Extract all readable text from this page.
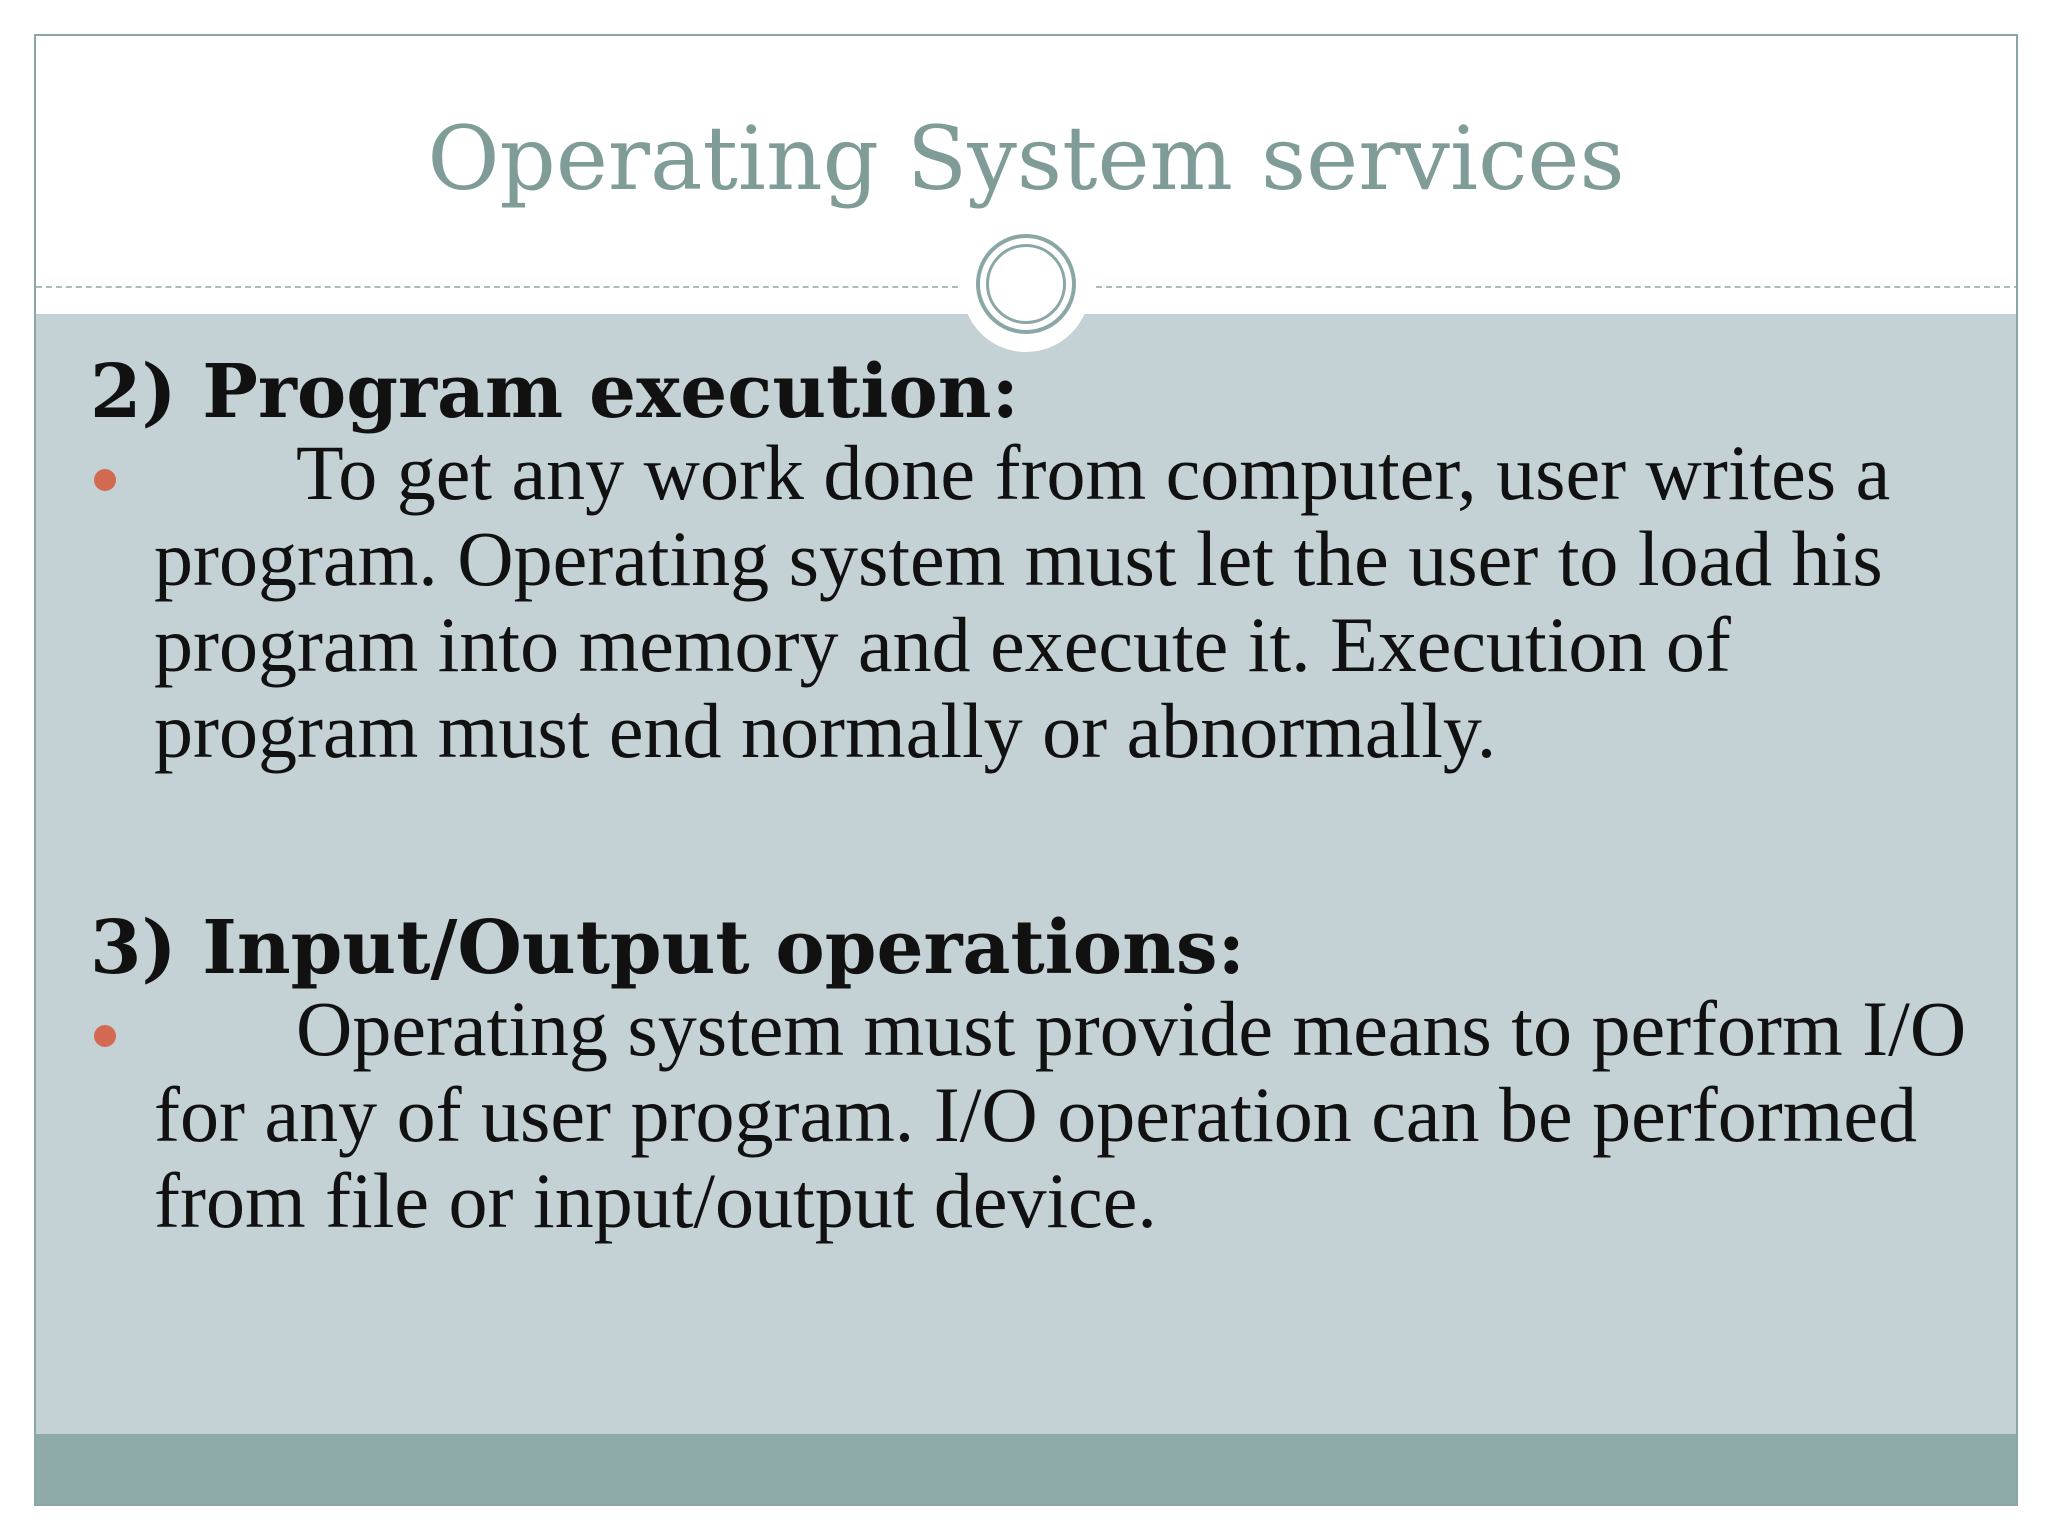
Operating System services
2) Program execution:
To get any work done from computer, user writes a program. Operating system must let the user to load his program into memory and execute it. Execution of program must end normally or abnormally.
3) Input/Output operations:
Operating system must provide means to perform I/O for any of user program. I/O operation can be performed from file or input/output device.
